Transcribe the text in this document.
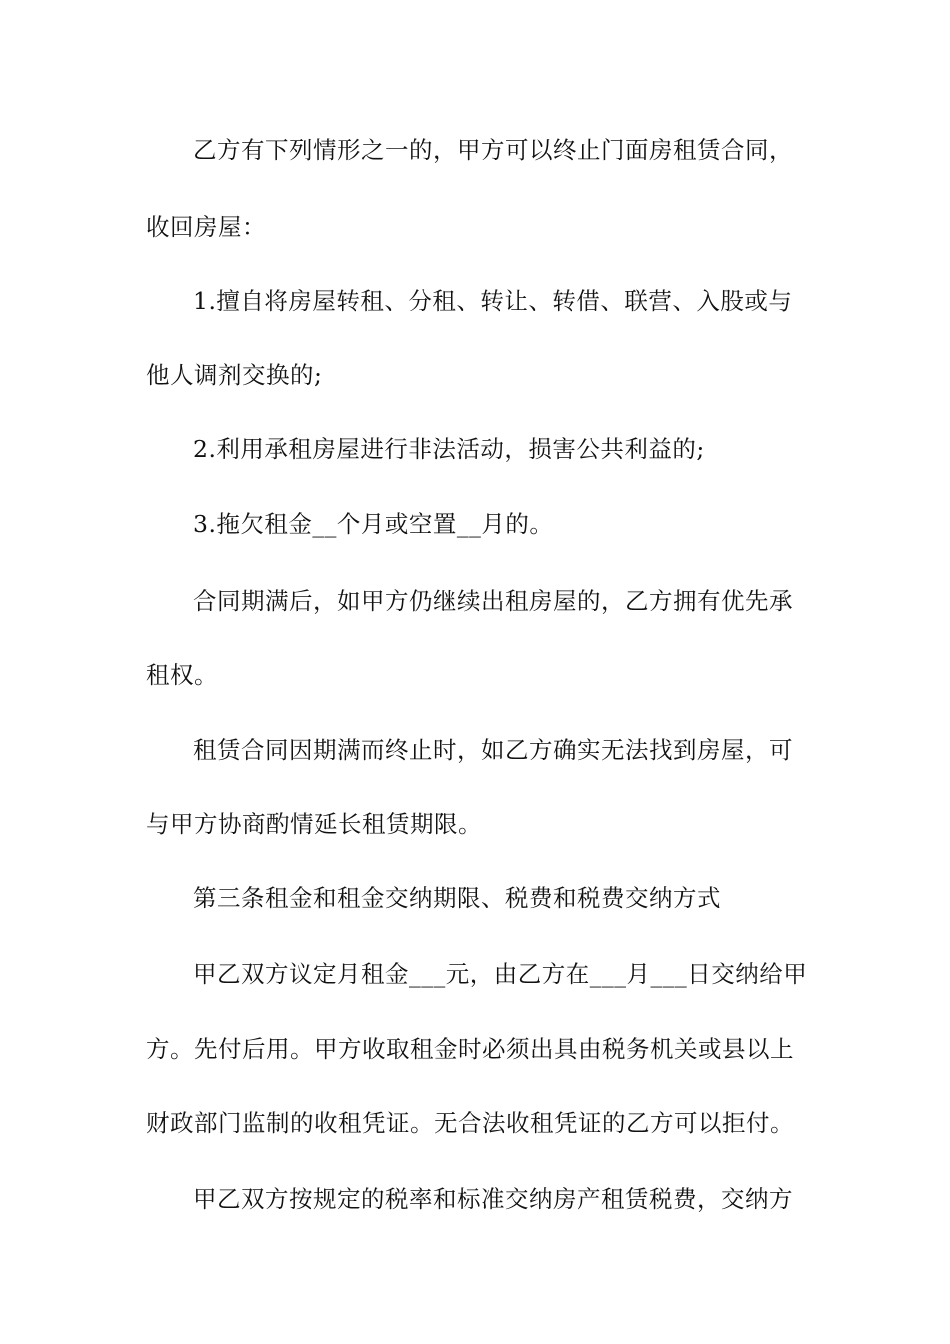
乙方有下列情形之一的，甲方可以终止门面房租赁合同，
收回房屋：
1.擅自将房屋转租、分租、转让、转借、联营、入股或与
他人调剂交换的;
2.利用承租房屋进行非法活动，损害公共利益的;
3.拖欠租金__个月或空置__月的。
合同期满后，如甲方仍继续出租房屋的，乙方拥有优先承
租权。
租赁合同因期满而终止时，如乙方确实无法找到房屋，可
与甲方协商酌情延长租赁期限。
第三条租金和租金交纳期限、税费和税费交纳方式
甲乙双方议定月租金___元，由乙方在___月___日交纳给甲
方。先付后用。甲方收取租金时必须出具由税务机关或县以上
财政部门监制的收租凭证。无合法收租凭证的乙方可以拒付。
甲乙双方按规定的税率和标准交纳房产租赁税费，交纳方
